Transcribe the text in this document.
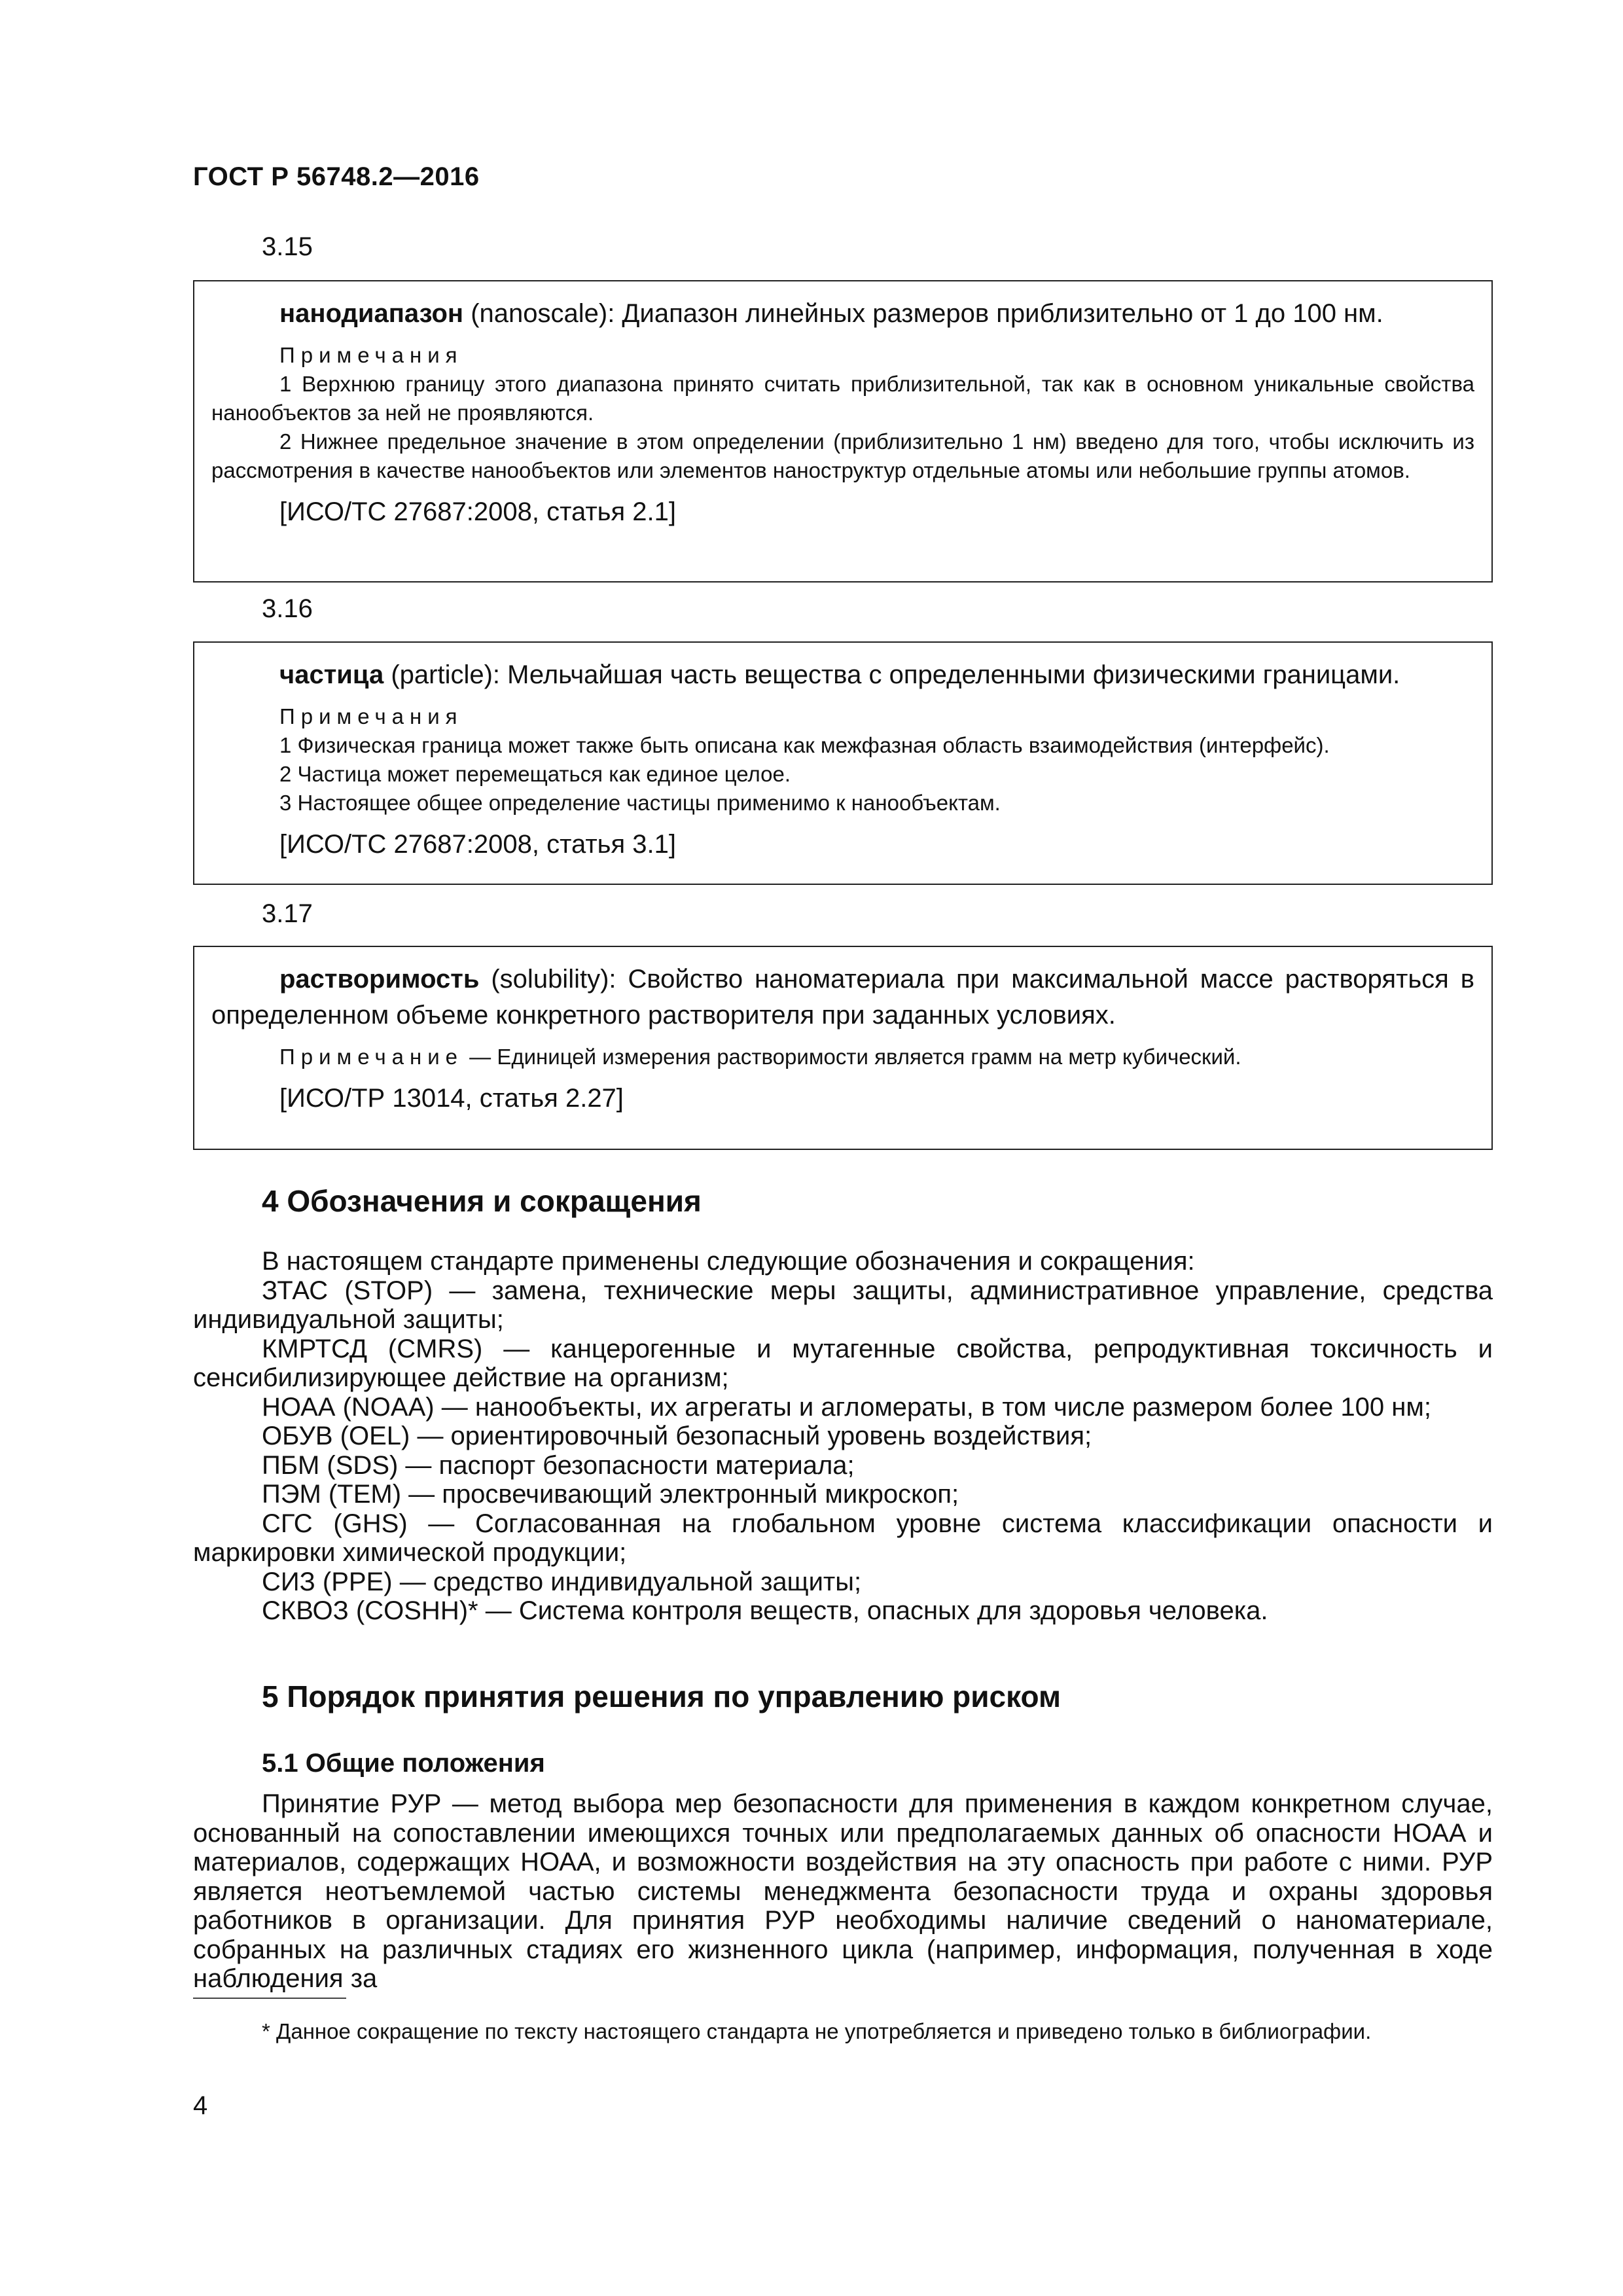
ГОСТ Р 56748.2—2016
3.15

нанодиапазон (nanoscale): Диапазон линейных размеров приблизительно от 1 до 100 нм.

Примечания

1 Верхнюю границу этого диапазона принято считать приблизительной, так как в основном уникальные свойства нанообъектов за ней не проявляются.

2 Нижнее предельное значение в этом определении (приблизительно 1 нм) введено для того, чтобы исключить из рассмотрения в качестве нанообъектов или элементов наноструктур отдельные атомы или небольшие группы атомов.

[ИСО/ТС 27687:2008, статья 2.1]

3.16

частица (particle): Мельчайшая часть вещества с определенными физическими границами.

Примечания

1 Физическая граница может также быть описана как межфазная область взаимодействия (интерфейс).

2 Частица может перемещаться как единое целое.

3 Настоящее общее определение частицы применимо к нанообъектам.

[ИСО/ТС 27687:2008, статья 3.1]

3.17

растворимость (solubility): Свойство наноматериала при максимальной массе растворяться в определенном объеме конкретного растворителя при заданных условиях.

Примечание — Единицей измерения растворимости является грамм на метр кубический.

[ИСО/ТР 13014, статья 2.27]

4 Обозначения и сокращения

В настоящем стандарте применены следующие обозначения и сокращения:

ЗТАС (STOP) — замена, технические меры защиты, административное управление, средства индивидуальной защиты;

КМРТСД (CMRS) — канцерогенные и мутагенные свойства, репродуктивная токсичность и сенсибилизирующее действие на организм;

НОАА (NOAA) — нанообъекты, их агрегаты и агломераты, в том числе размером более 100 нм;

ОБУВ (OEL) — ориентировочный безопасный уровень воздействия;

ПБМ (SDS) — паспорт безопасности материала;

ПЭМ (TEM) — просвечивающий электронный микроскоп;

СГС (GHS) — Согласованная на глобальном уровне система классификации опасности и маркировки химической продукции;

СИЗ (PPE) — средство индивидуальной защиты;

СКВОЗ (COSHH)* — Система контроля веществ, опасных для здоровья человека.

5 Порядок принятия решения по управлению риском
5.1 Общие положения

Принятие РУР — метод выбора мер безопасности для применения в каждом конкретном случае, основанный на сопоставлении имеющихся точных или предполагаемых данных об опасности НОАА и материалов, содержащих НОАА, и возможности воздействия на эту опасность при работе с ними. РУР является неотъемлемой частью системы менеджмента безопасности труда и охраны здоровья работников в организации. Для принятия РУР необходимы наличие сведений о наноматериале, собранных на различных стадиях его жизненного цикла (например, информация, полученная в ходе наблюдения за

* Данное сокращение по тексту настоящего стандарта не употребляется и приведено только в библиографии.
4
